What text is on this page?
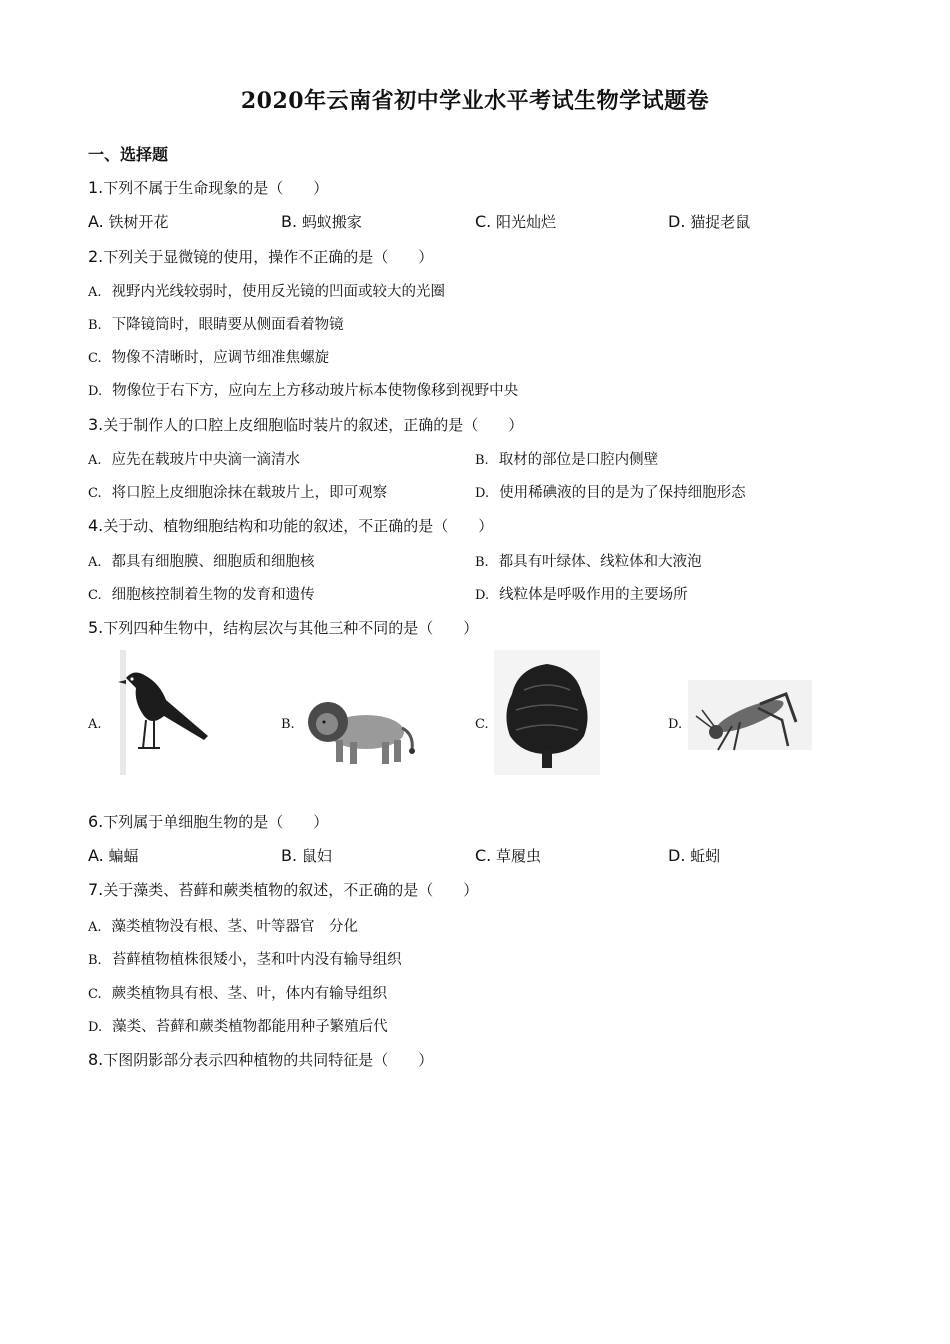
2020年云南省初中学业水平考试生物学试题卷
一、选择题
1.下列不属于生命现象的是（　　）
A. 铁树开花	B. 蚂蚁搬家	C. 阳光灿烂	D. 猫捉老鼠
2.下列关于显微镜的使用，操作不正确的是（　　）
A. 视野内光线较弱时，使用反光镜的凹面或较大的光圈
B. 下降镜筒时，眼睛要从侧面看着物镜
C. 物像不清晰时，应调节细准焦螺旋
D. 物像位于右下方，应向左上方移动玻片标本使物像移到视野中央
3.关于制作人的口腔上皮细胞临时装片的叙述，正确的是（　　）
A. 应先在载玻片中央滴一滴清水	B. 取材的部位是口腔内侧壁
C. 将口腔上皮细胞涂抹在载玻片上，即可观察	D. 使用稀碘液的目的是为了保持细胞形态
4.关于动、植物细胞结构和功能的叙述，不正确的是（　　）
A. 都具有细胞膜、细胞质和细胞核	B. 都具有叶绿体、线粒体和大液泡
C. 细胞核控制着生物的发育和遗传	D. 线粒体是呼吸作用的主要场所
5.下列四种生物中，结构层次与其他三种不同的是（　　）
A.	B.	C.	D.
6.下列属于单细胞生物的是（　　）
A. 蝙蝠	B. 鼠妇	C. 草履虫	D. 蚯蚓
7.关于藻类、苔藓和蕨类植物的叙述，不正确的是（　　）
A. 藻类植物没有根、茎、叶等器官　分化
B. 苔藓植物植株很矮小，茎和叶内没有输导组织
C. 蕨类植物具有根、茎、叶，体内有输导组织
D. 藻类、苔藓和蕨类植物都能用种子繁殖后代
8.下图阴影部分表示四种植物的共同特征是（　　）
